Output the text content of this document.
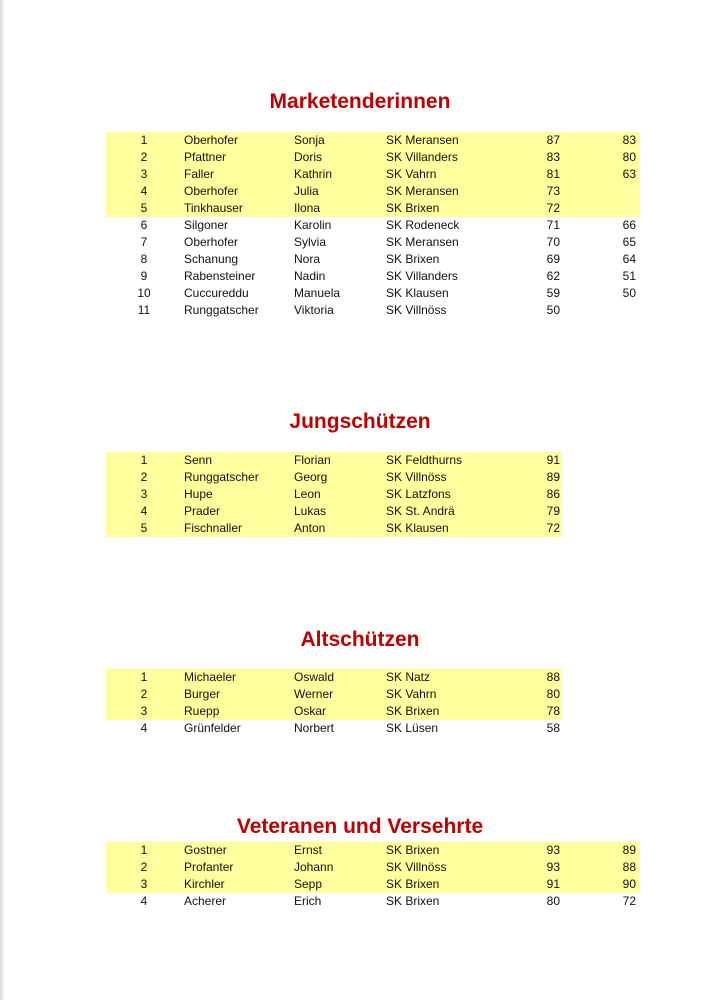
Marketenderinnen
1	Oberhofer	Sonja	SK Meransen	87	83
2	Pfattner	Doris	SK Villanders	83	80
3	Faller	Kathrin	SK Vahrn	81	63
4	Oberhofer	Julia	SK Meransen	73
5	Tinkhauser	Ilona	SK Brixen	72
6	Silgoner	Karolin	SK Rodeneck	71	66
7	Oberhofer	Sylvia	SK Meransen	70	65
8	Schanung	Nora	SK Brixen	69	64
9	Rabensteiner	Nadin	SK Villanders	62	51
10	Cuccureddu	Manuela	SK Klausen	59	50
11	Runggatscher	Viktoria	SK Villnöss	50
Jungschützen
1	Senn	Florian	SK Feldthurns	91
2	Runggatscher	Georg	SK Villnöss	89
3	Hupe	Leon	SK Latzfons	86
4	Prader	Lukas	SK St. Andrä	79
5	Fischnaller	Anton	SK Klausen	72
Altschützen
1	Michaeler	Oswald	SK Natz	88
2	Burger	Werner	SK Vahrn	80
3	Ruepp	Oskar	SK Brixen	78
4	Grünfelder	Norbert	SK Lüsen	58
Veteranen und Versehrte
1	Gostner	Ernst	SK Brixen	93	89
2	Profanter	Johann	SK Villnöss	93	88
3	Kirchler	Sepp	SK Brixen	91	90
4	Acherer	Erich	SK Brixen	80	72
